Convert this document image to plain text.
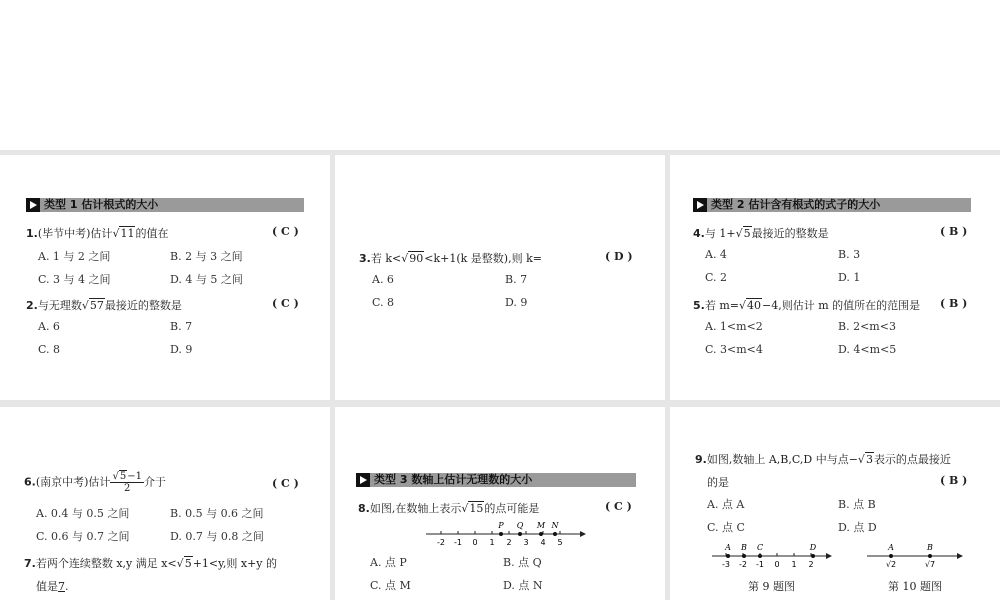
类型 1 估计根式的大小
1.(毕节中考)估计√11的值在	( C )
A. 1 与 2 之间	B. 2 与 3 之间
C. 3 与 4 之间	D. 4 与 5 之间
2.与无理数√57最接近的整数是	( C )
A. 6	B. 7
C. 8	D. 9
3.若 k<√90<k+1(k 是整数),则 k=	( D )
A. 6	B. 7
C. 8	D. 9
类型 2 估计含有根式的式子的大小
4.与 1+√5最接近的整数是	( B )
A. 4	B. 3
C. 2	D. 1
5.若 m=√40−4,则估计 m 的值所在的范围是 ( B )
A. 1<m<2	B. 2<m<3
C. 3<m<4	D. 4<m<5
6.(南京中考)估计 $\frac{√5-1}{2}$ 介于	( C )
A. 0.4 与 0.5 之间	B. 0.5 与 0.6 之间
C. 0.6 与 0.7 之间	D. 0.7 与 0.8 之间
7.若两个连续整数 x,y 满足 x<√5+1<y,则 x+y 的
值是7.
类型 3 数轴上估计无理数的大小
8.如图,在数轴上表示√15的点可能是	( C )
P Q M N
-2 -1 0 1 2 3 4 5
A. 点 P	B. 点 Q
C. 点 M	D. 点 N
9.如图,数轴上 A,B,C,D 中与点−√3表示的点最接近
的是	( B )
A. 点 A	B. 点 B
C. 点 C	D. 点 D
A B C	D
-3 -2 -1 0 1 2
第 9 题图
A	B
√2	√7
第 10 题图
